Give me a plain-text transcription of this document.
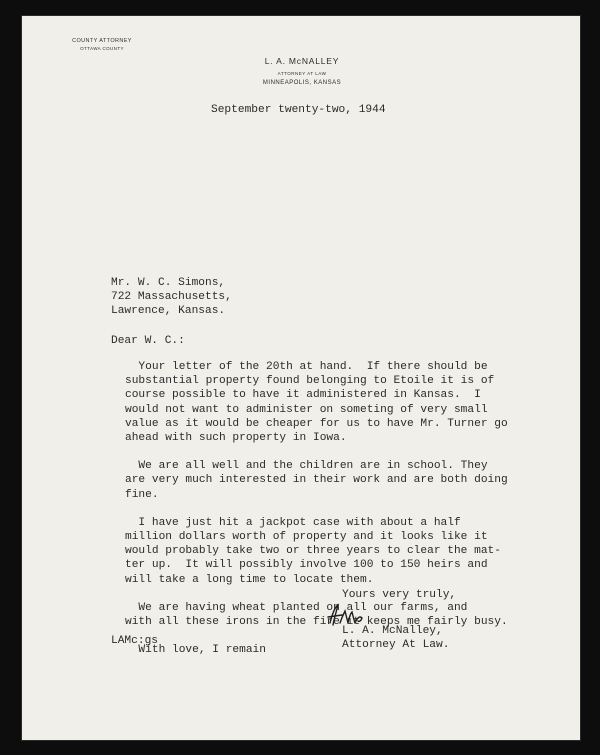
COUNTY ATTORNEY
OTTAWA COUNTY
L. A. McNALLEY
ATTORNEY AT LAW
MINNEAPOLIS, KANSAS
September twenty-two, 1944
Mr. W. C. Simons,
722 Massachusetts,
Lawrence, Kansas.
Dear W. C.:
Your letter of the 20th at hand.  If there should be
substantial property found belonging to Etoile it is of
course possible to have it administered in Kansas.  I
would not want to administer on someting of very small
value as it would be cheaper for us to have Mr. Turner go
ahead with such property in Iowa.
We are all well and the children are in school. They
are very much interested in their work and are both doing
fine.
I have just hit a jackpot case with about a half
million dollars worth of property and it looks like it
would probably take two or three years to clear the mat-
ter up.  It will possibly involve 100 to 150 heirs and
will take a long time to locate them.
We are having wheat planted on all our farms, and
with all these irons in the fire it keeps me fairly busy.
With love, I remain
Yours very truly,
L. A. McNalley,
Attorney At Law.
LAMc:gs
